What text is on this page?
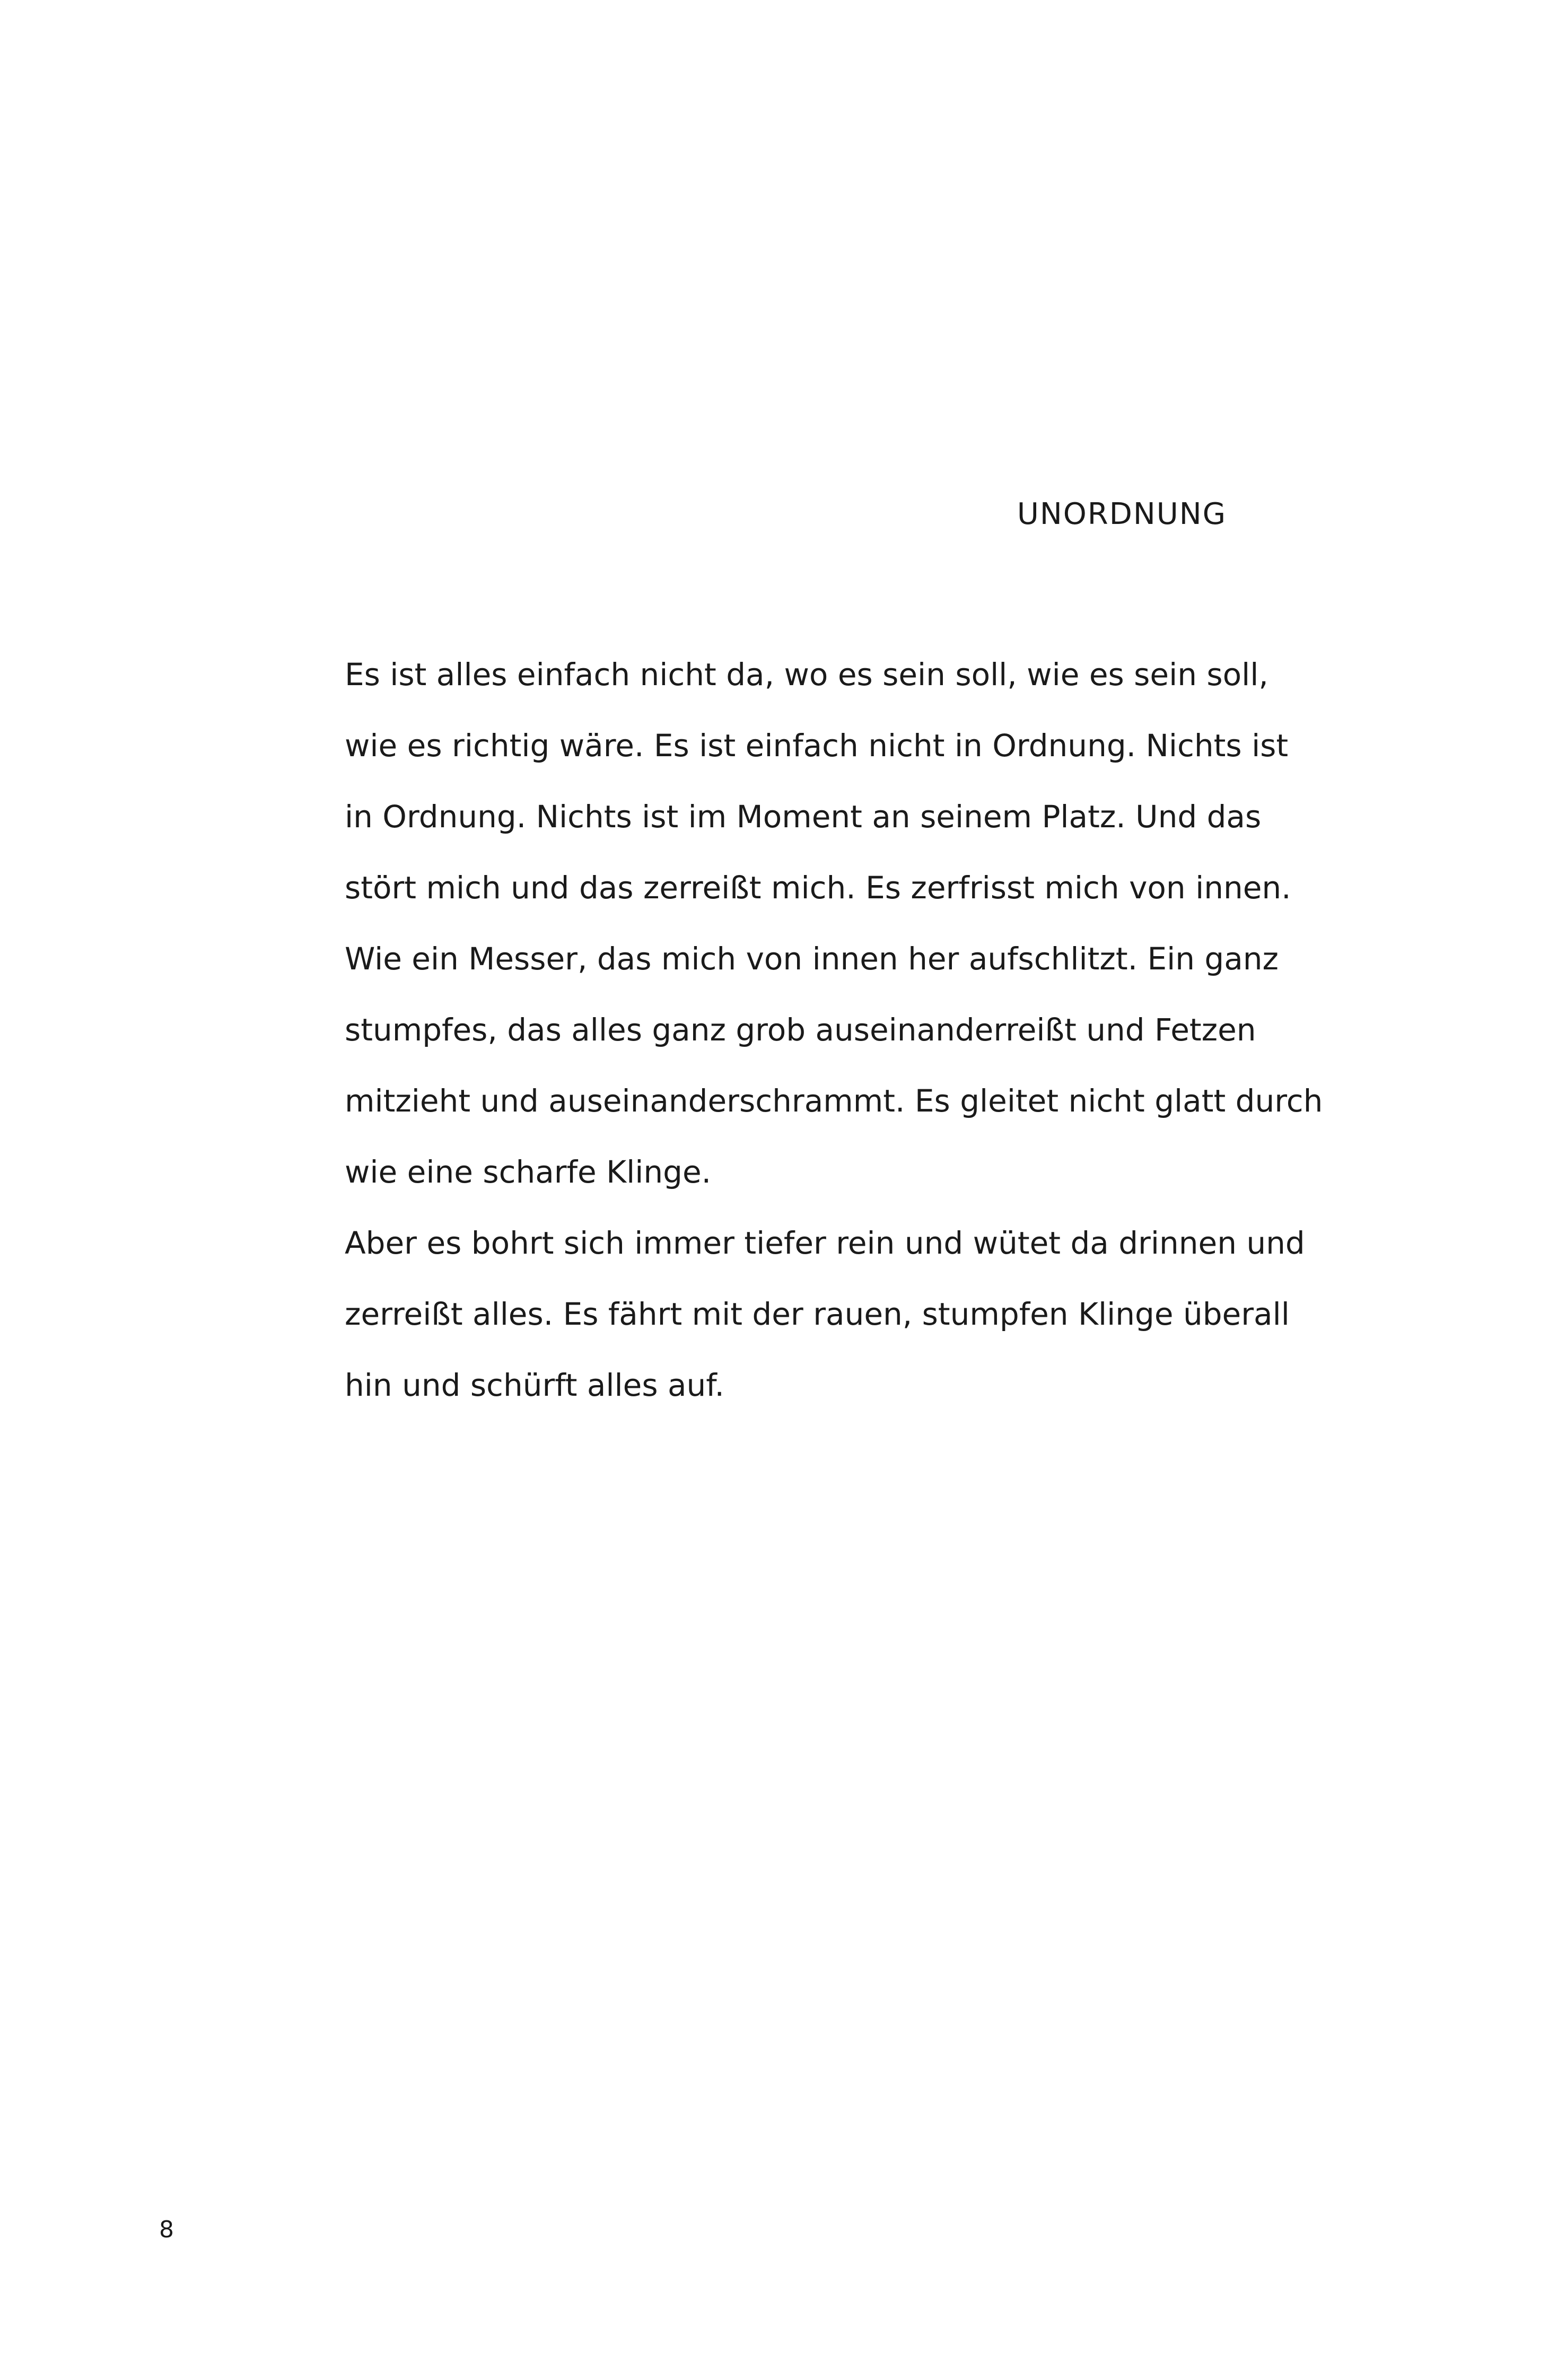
UNORDNUNG
Es ist alles einfach nicht da, wo es sein soll, wie es sein soll,
wie es richtig wäre. Es ist einfach nicht in Ordnung. Nichts ist
in Ordnung. Nichts ist im Moment an seinem Platz. Und das
stört mich und das zerreißt mich. Es zerfrisst mich von innen.
Wie ein Messer, das mich von innen her aufschlitzt. Ein ganz
stumpfes, das alles ganz grob auseinanderreißt und Fetzen
mitzieht und auseinanderschrammt. Es gleitet nicht glatt durch
wie eine scharfe Klinge.
Aber es bohrt sich immer tiefer rein und wütet da drinnen und
zerreißt alles. Es fährt mit der rauen, stumpfen Klinge überall
hin und schürft alles auf.
8
